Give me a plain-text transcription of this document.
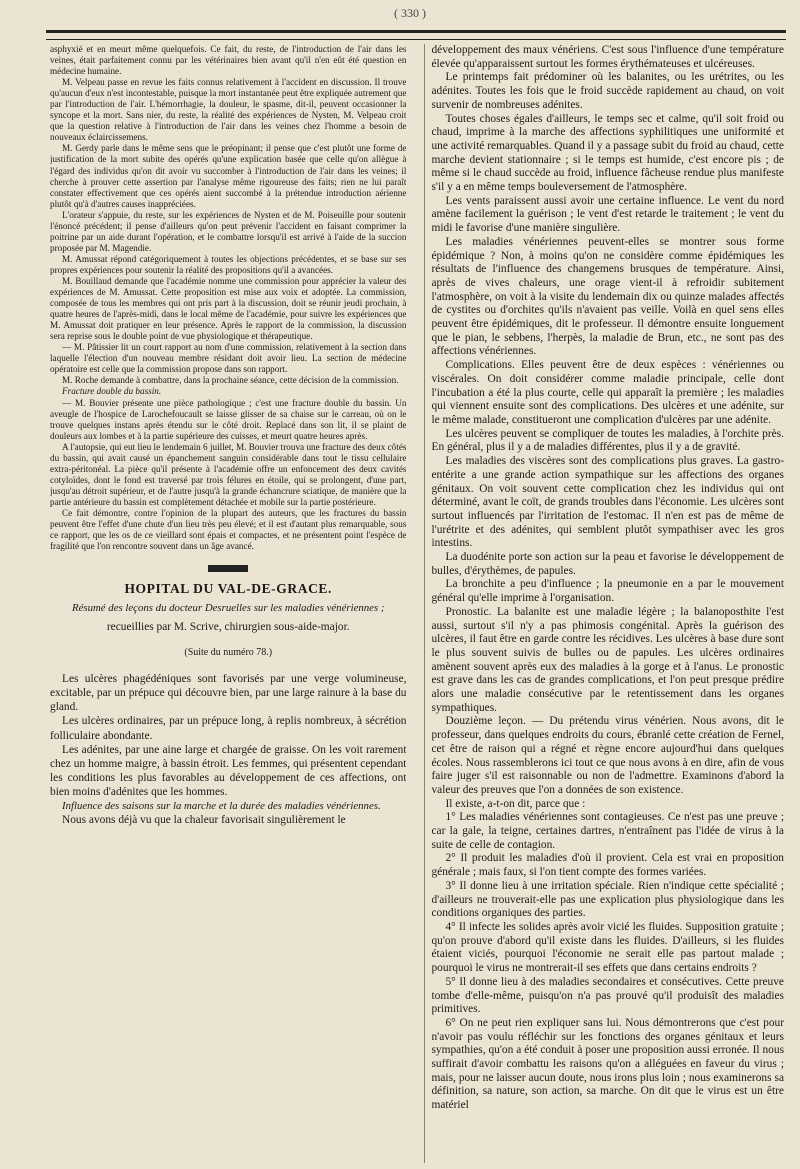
( 330 )

asphyxié et en meurt même quelquefois. Ce fait, du reste, de l'introduction de l'air dans les veines, était parfaitement connu par les vétérinaires bien avant qu'il n'en eût été question en médecine humaine.

M. Velpeau passe en revue les faits connus relativement à l'accident en discussion. Il trouve qu'aucun d'eux n'est incontestable, puisque la mort instantanée peut être expliquée autrement que par l'introduction de l'air. L'hémorrhagie, la douleur, le spasme, dit-il, peuvent occasionner la syncope et la mort. Sans nier, du reste, la réalité des expériences de Nysten, M. Velpeau croit que la question relative à l'introduction de l'air dans les veines chez l'homme a besoin de nouveaux éclaircissemens.

M. Gerdy parle dans le même sens que le préopinant; il pense que c'est plutôt une forme de justification de la mort subite des opérés qu'une explication basée que celle qu'on allègue à l'égard des individus qu'on dit avoir vu succomber à l'introduction de l'air dans les veines; il cherche à prouver cette assertion par l'analyse même rigoureuse des faits; rien ne lui paraît constater effectivement que ces opérés aient succombé à la prétendue introduction aérienne plutôt qu'à d'autres causes inappréciées.

L'orateur s'appuie, du reste, sur les expériences de Nysten et de M. Poiseuille pour soutenir l'énoncé précédent; il pense d'ailleurs qu'on peut prévenir l'accident en faisant comprimer la poitrine par un aide durant l'opération, et le combattre lorsqu'il est arrivé à l'aide de la succion proposée par M. Magendie.

M. Amussat répond catégoriquement à toutes les objections précédentes, et se base sur ses propres expériences pour soutenir la réalité des propositions qu'il a avancées.

M. Bouillaud demande que l'académie nomme une commission pour apprécier la valeur des expériences de M. Amussat. Cette proposition est mise aux voix et adoptée. La commission, composée de tous les membres qui ont pris part à la discussion, doit se réunir jeudi prochain, à quatre heures de l'après-midi, dans le local même de l'académie, pour suivre les expériences que M. Amussat doit pratiquer en leur présence. Après le rapport de la commission, la discussion sera reprise sous le double point de vue physiologique et thérapeutique.

— M. Pâtissier lit un court rapport au nom d'une commission, relativement à la section dans laquelle l'élection d'un nouveau membre résidant doit avoir lieu. La section de médecine opératoire est celle que la commission propose dans son rapport.

M. Roche demande à combattre, dans la prochaine séance, cette décision de la commission.

Fracture double du bassin.

— M. Bouvier présente une pièce pathologique ; c'est une fracture double du bassin. Un aveugle de l'hospice de Larochefoucault se laisse glisser de sa chaise sur le carreau, où on le trouve quelques instans après étendu sur le côté droit. Replacé dans son lit, il se plaint de douleurs aux lombes et à la partie supérieure des cuisses, et meurt quatre heures après.

A l'autopsie, qui eut lieu le lendemain 6 juillet, M. Bouvier trouva une fracture des deux côtés du bassin, qui avait causé un épanchement sanguin considérable dans tout le tissu cellulaire extra-péritonéal. La pièce qu'il présente à l'académie offre un enfoncement des deux cavités cotyloïdes, dont le fond est traversé par trois félures en étoile, qui se prolongent, d'une part, jusqu'au détroit supérieur, et de l'autre jusqu'à la grande échancrure sciatique, de manière que la partie antérieure du bassin est complètement détachée et mobile sur la partie postérieure.

Ce fait démontre, contre l'opinion de la plupart des auteurs, que les fractures du bassin peuvent être l'effet d'une chute d'un lieu très peu élevé; et il est d'autant plus remarquable, sous ce rapport, que les os de ce vieillard sont épais et compactes, et ne présentent point l'espèce de fragilité que l'on rencontre souvent dans un âge avancé.

HOPITAL DU VAL-DE-GRACE.
Résumé des leçons du docteur Desruelles sur les maladies vénériennes ;
recueillies par M. Scrive, chirurgien sous-aide-major.
(Suite du numéro 78.)

Les ulcères phagédéniques sont favorisés par une verge volumineuse, excitable, par un prépuce qui découvre bien, par une large rainure à la base du gland.

Les ulcères ordinaires, par un prépuce long, à replis nombreux, à sécrétion folliculaire abondante.

Les adénites, par une aine large et chargée de graisse. On les voit rarement chez un homme maigre, à bassin étroit. Les femmes, qui présentent cependant les conditions les plus favorables au développement de ces affections, ont bien moins d'adénites que les hommes.

Influence des saisons sur la marche et la durée des maladies vénériennes.

Nous avons déjà vu que la chaleur favorisait singulièrement le

développement des maux vénériens. C'est sous l'influence d'une température élevée qu'apparaissent surtout les formes érythémateuses et ulcéreuses.

Le printemps fait prédominer où les balanites, ou les urétrites, ou les adénites. Toutes les fois que le froid succède rapidement au chaud, on voit survenir de nombreuses adénites.

Toutes choses égales d'ailleurs, le temps sec et calme, qu'il soit froid ou chaud, imprime à la marche des affections syphilitiques une uniformité et une activité remarquables. Quand il y a passage subit du froid au chaud, cette marche devient stationnaire ; si le temps est humide, c'est encore pis ; de même si le chaud succède au froid, influence fâcheuse rendue plus manifeste s'il y a en même temps bouleversement de l'atmosphère.

Les vents paraissent aussi avoir une certaine influence. Le vent du nord amène facilement la guérison ; le vent d'est retarde le traitement ; le vent du midi le favorise d'une manière singulière.

Les maladies vénériennes peuvent-elles se montrer sous forme épidémique ? Non, à moins qu'on ne considère comme épidémiques les résultats de l'influence des changemens brusques de température. Ainsi, après de vives chaleurs, une orage vient-il à refroidir subitement l'atmosphère, on voit à la visite du lendemain dix ou quinze malades affectés de cystites ou d'orchites qu'ils n'avaient pas veille. Voilà en quel sens elles peuvent être épidémiques, dit le professeur. Il démontre ensuite longuement que le pian, le sebbens, l'herpès, la maladie de Brun, etc., ne sont pas des affections vénériennes.

Complications. Elles peuvent être de deux espèces : vénériennes ou viscérales. On doit considérer comme maladie principale, celle dont l'incubation a été la plus courte, celle qui apparaît la première ; les maladies qui viennent ensuite sont des complications. Des ulcères et une adénite, sur le même malade, constitueront une complication d'ulcères par une adénite.

Les ulcères peuvent se compliquer de toutes les maladies, à l'orchite près. En général, plus il y a de maladies différentes, plus il y a de gravité.

Les maladies des viscères sont des complications plus graves. La gastro-entérite a une grande action sympathique sur les affections des organes génitaux. On voit souvent cette complication chez les individus qui ont déterminé, avant le coït, de grands troubles dans l'économie. Les ulcères sont surtout influencés par l'irritation de l'estomac. Il n'en est pas de même de l'urétrite et des adénites, qui semblent plutôt sympathiser avec les gros intestins.

La duodénite porte son action sur la peau et favorise le développement de bulles, d'érythèmes, de papules.

La bronchite a peu d'influence ; la pneumonie en a par le mouvement général qu'elle imprime à l'organisation.

Pronostic. La balanite est une maladie légère ; la balanoposthite l'est aussi, surtout s'il n'y a pas phimosis congénital. Après la guérison des ulcères, il faut être en garde contre les récidives. Les ulcères à base dure sont le plus souvent suivis de bulles ou de papules. Les ulcères ordinaires amènent souvent après eux des maladies à la gorge et à l'anus. Le pronostic est grave dans les cas de grandes complications, et l'on peut presque prédire alors une maladie consécutive par le retentissement dans les organes sympathiques.

Douzième leçon. — Du prétendu virus vénérien. Nous avons, dit le professeur, dans quelques endroits du cours, ébranlé cette création de Fernel, cet être de raison qui a régné et règne encore aujourd'hui dans quelques écoles. Nous rassemblerons ici tout ce que nous avons à en dire, afin de vous faire juger s'il est raisonnable ou non de l'admettre. Examinons d'abord la valeur des preuves que l'on a données de son existence.

Il existe, a-t-on dit, parce que :

1° Les maladies vénériennes sont contagieuses. Ce n'est pas une preuve ; car la gale, la teigne, certaines dartres, n'entraînent pas l'idée de virus à la suite de celle de contagion.

2° Il produit les maladies d'où il provient. Cela est vrai en proposition générale ; mais faux, si l'on tient compte des formes variées.

3° Il donne lieu à une irritation spéciale. Rien n'indique cette spécialité ; d'ailleurs ne trouverait-elle pas une explication plus physiologique dans les conditions organiques des parties.

4° Il infecte les solides après avoir vicié les fluides. Supposition gratuite ; qu'on prouve d'abord qu'il existe dans les fluides. D'ailleurs, si les fluides étaient viciés, pourquoi l'économie ne serait elle pas partout malade ; pourquoi le virus ne montrerait-il ses effets que dans certains endroits ?

5° Il donne lieu à des maladies secondaires et consécutives. Cette preuve tombe d'elle-même, puisqu'on n'a pas prouvé qu'il produisît des maladies primitives.

6° On ne peut rien expliquer sans lui. Nous démontrerons que c'est pour n'avoir pas voulu réfléchir sur les fonctions des organes génitaux et leurs sympathies, qu'on a été conduit à poser une proposition aussi erronée. Il nous suffirait d'avoir combattu les raisons qu'on a alléguées en faveur du virus ; mais, pour ne laisser aucun doute, nous irons plus loin ; nous examinerons sa définition, sa nature, son action, sa marche. On dit que le virus est un être matériel
